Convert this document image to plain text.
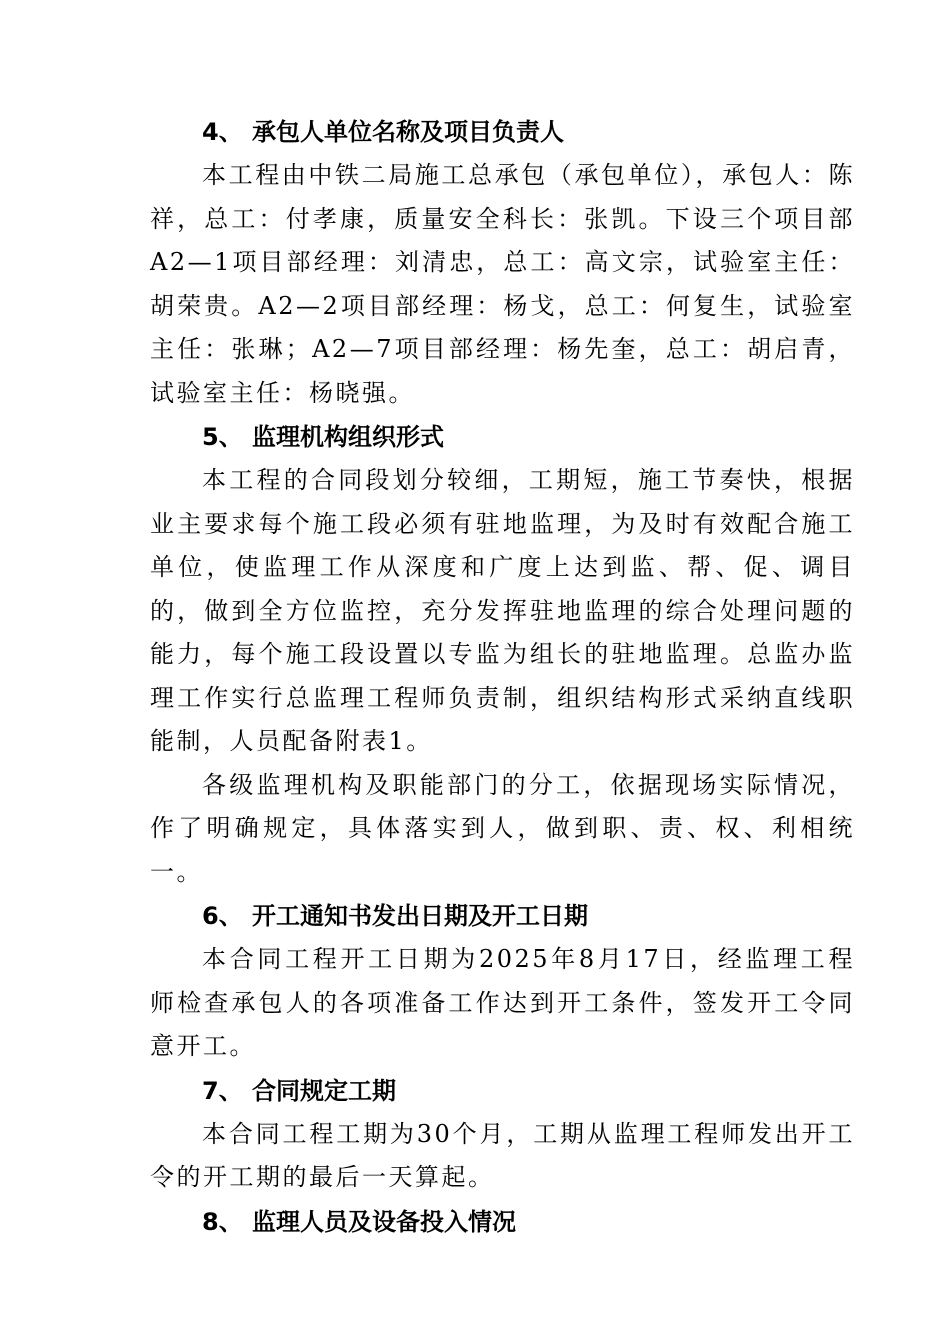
4、 承包人单位名称及项目负责人

本工程由中铁二局施工总承包（承包单位），承包人：陈祥，总工：付孝康，质量安全科长：张凯。下设三个项目部A2—1项目部经理：刘清忠，总工：高文宗，试验室主任：胡荣贵。A2—2项目部经理：杨戈，总工：何复生，试验室主任：张琳；A2—7项目部经理：杨先奎，总工：胡启青，试验室主任：杨晓强。

5、 监理机构组织形式

本工程的合同段划分较细，工期短，施工节奏快，根据业主要求每个施工段必须有驻地监理，为及时有效配合施工单位，使监理工作从深度和广度上达到监、帮、促、调目的，做到全方位监控，充分发挥驻地监理的综合处理问题的能力，每个施工段设置以专监为组长的驻地监理。总监办监理工作实行总监理工程师负责制，组织结构形式采纳直线职能制，人员配备附表1。

各级监理机构及职能部门的分工，依据现场实际情况，作了明确规定，具体落实到人，做到职、责、权、利相统一。

6、 开工通知书发出日期及开工日期

本合同工程开工日期为2025年8月17日，经监理工程师检查承包人的各项准备工作达到开工条件，签发开工令同意开工。

7、 合同规定工期

本合同工程工期为30个月，工期从监理工程师发出开工令的开工期的最后一天算起。

8、 监理人员及设备投入情况
